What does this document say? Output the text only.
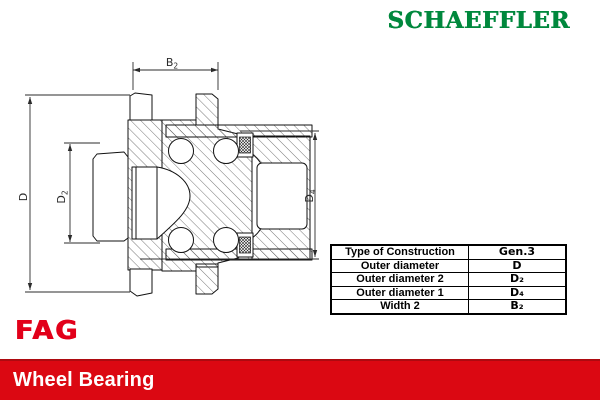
SCHAEFFLER
$B_2$
D $D_2$
$D_4$
Type of Construction	Gen.3
Outer diameter	D
Outer diameter 2	D₂
Outer diameter 1	D₄
Width 2	B₂
FAG
Wheel Bearing
